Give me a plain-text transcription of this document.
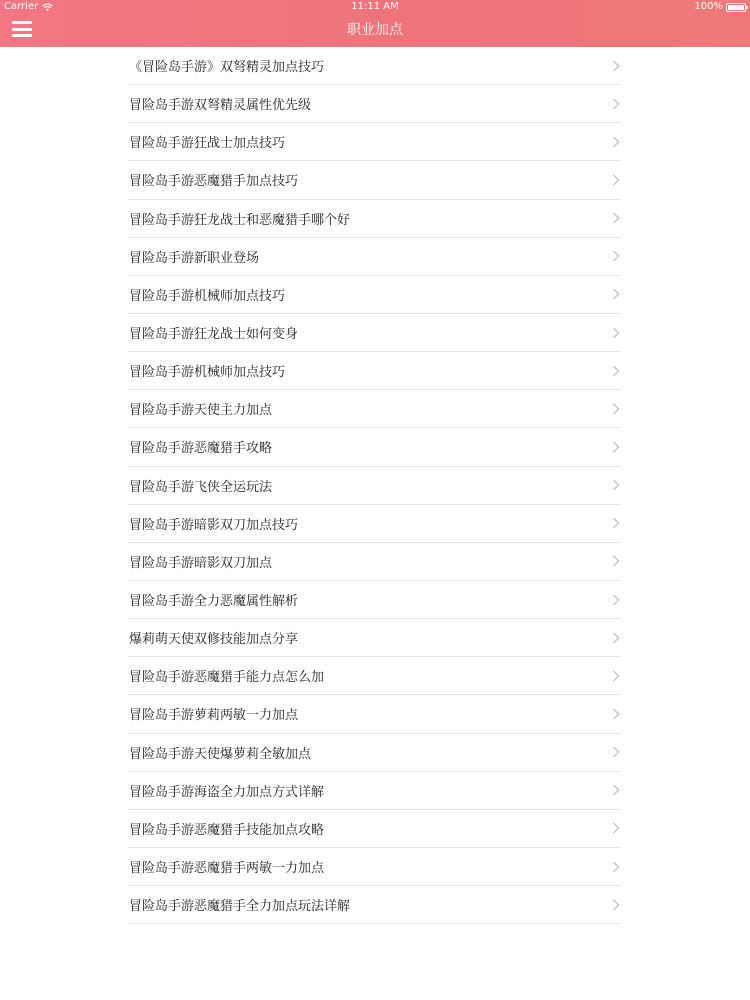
Carrier	11:11 AM	100%
职业加点
《冒险岛手游》双弩精灵加点技巧
冒险岛手游双弩精灵属性优先级
冒险岛手游狂战士加点技巧
冒险岛手游恶魔猎手加点技巧
冒险岛手游狂龙战士和恶魔猎手哪个好
冒险岛手游新职业登场
冒险岛手游机械师加点技巧
冒险岛手游狂龙战士如何变身
冒险岛手游机械师加点技巧
冒险岛手游天使主力加点
冒险岛手游恶魔猎手攻略
冒险岛手游飞侠全运玩法
冒险岛手游暗影双刀加点技巧
冒险岛手游暗影双刀加点
冒险岛手游全力恶魔属性解析
爆莉萌天使双修技能加点分享
冒险岛手游恶魔猎手能力点怎么加
冒险岛手游萝莉两敏一力加点
冒险岛手游天使爆萝莉全敏加点
冒险岛手游海盗全力加点方式详解
冒险岛手游恶魔猎手技能加点攻略
冒险岛手游恶魔猎手两敏一力加点
冒险岛手游恶魔猎手全力加点玩法详解
